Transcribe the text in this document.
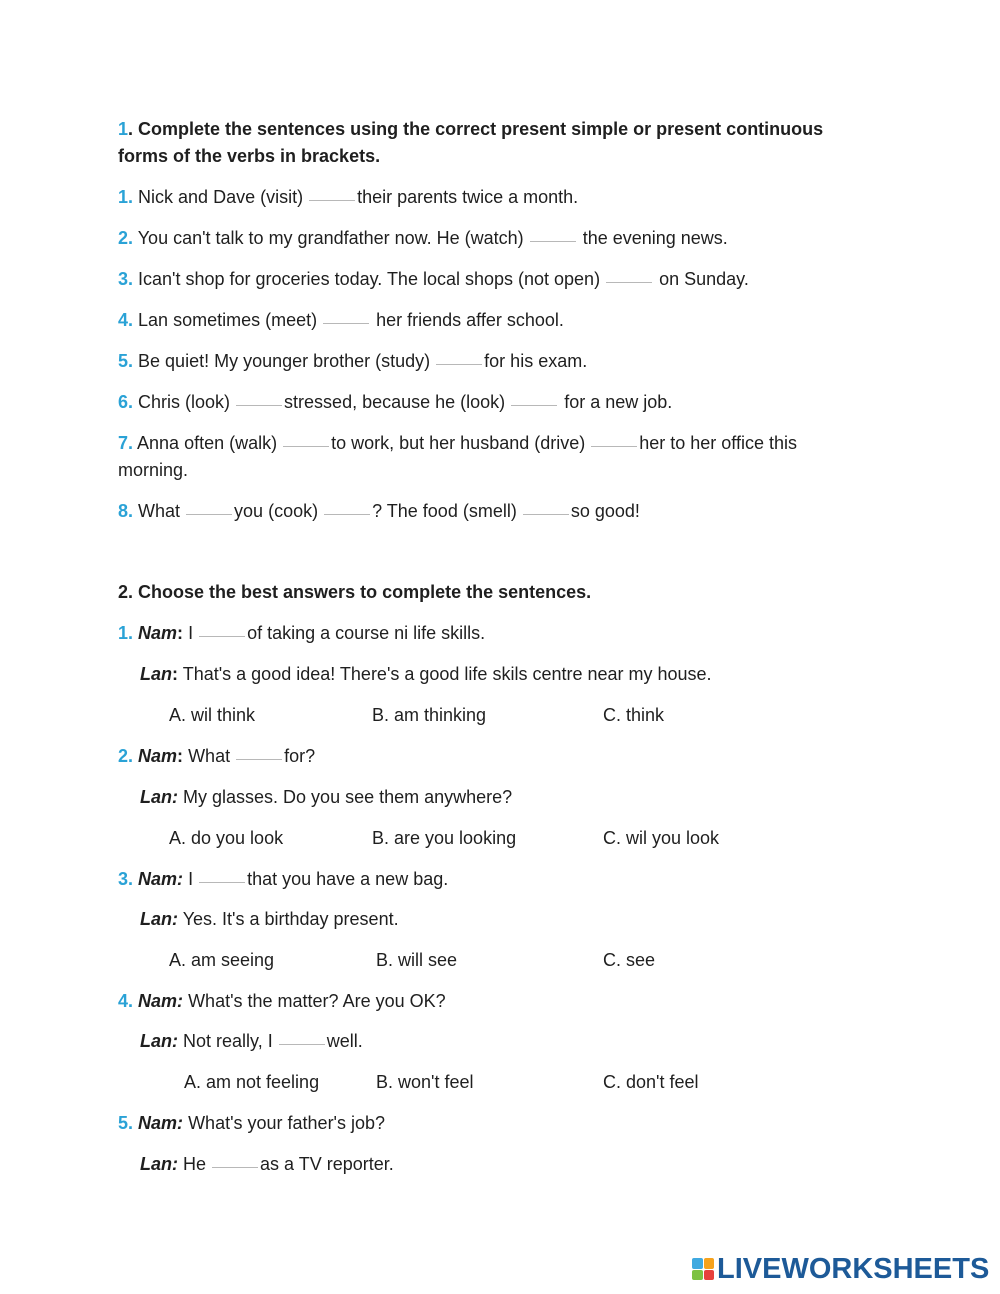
1. Complete the sentences using the correct present simple or present continuous
forms of the verbs in brackets.
1. Nick and Dave (visit)	their parents twice a month.
2. You can't talk to my grandfather now. He (watch)	the evening news.
3. Ican't shop for groceries today. The local shops (not open)	on Sunday.
4. Lan sometimes (meet)	her friends affer school.
5. Be quiet! My younger brother (study)	for his exam.
6. Chris (look)	stressed, because he (look)	for a new job.
7. Anna often (walk)	to work, but her husband (drive)	her to her office this
morning.
8. What	you (cook)	? The food (smell)	so good!
2. Choose the best answers to complete the sentences.
1. Nam: I	of taking a course ni life skills.
Lan: That's a good idea! There's a good life skils centre near my house.
A. wil think	B. am thinking	C. think
2. Nam: What	for?
Lan: My glasses. Do you see them anywhere?
A. do you look	B. are you looking	C. wil you look
3. Nam: I	that you have a new bag.
Lan: Yes. It's a birthday present.
A. am seeing	B. will see	C. see
4. Nam: What's the matter? Are you OK?
Lan: Not really, I	well.
A. am not feeling	B. won't feel	C. don't feel
5. Nam: What's your father's job?
Lan: He	as a TV reporter.
LIVEWORKSHEETS
